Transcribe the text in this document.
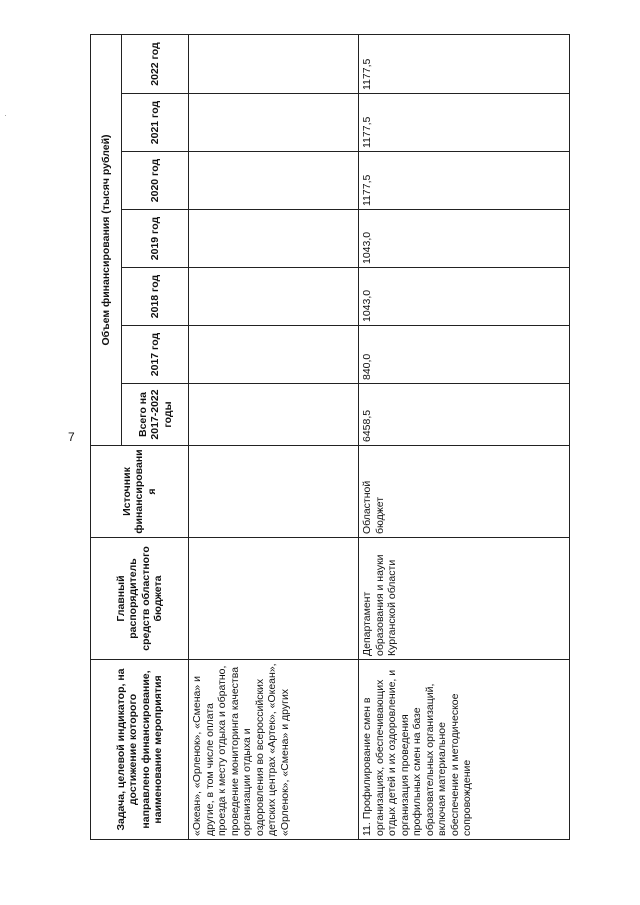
7
·
Задача, целевой индикатор, на достижение которого направлено финансирование, наименование мероприятия	Главный распорядитель средств областного бюджета	Источник финансирования	Объем финансирования (тысяч рублей)						
			Всего на 2017-2022 годы	2017 год	2018 год	2019 год	2020 год	2021 год	2022 год
«Океан», «Орленок», «Смена» и другие, в том числе оплата проезда к месту отдыха и обратно, проведение мониторинга качества организации отдыха и оздоровления во всероссийских детских центрах «Артек», «Океан», «Орленок», «Смена» и других									
11. Профилирование смен в организациях, обеспечивающих отдых детей и их оздоровление, и организация проведения профильных смен на базе образовательных организаций, включая материальное обеспечение и методическое сопровождение	Департамент образования и науки Курганской области	Областной бюджет	6458,5	840,0	1043,0	1043,0	1177,5	1177,5	1177,5
